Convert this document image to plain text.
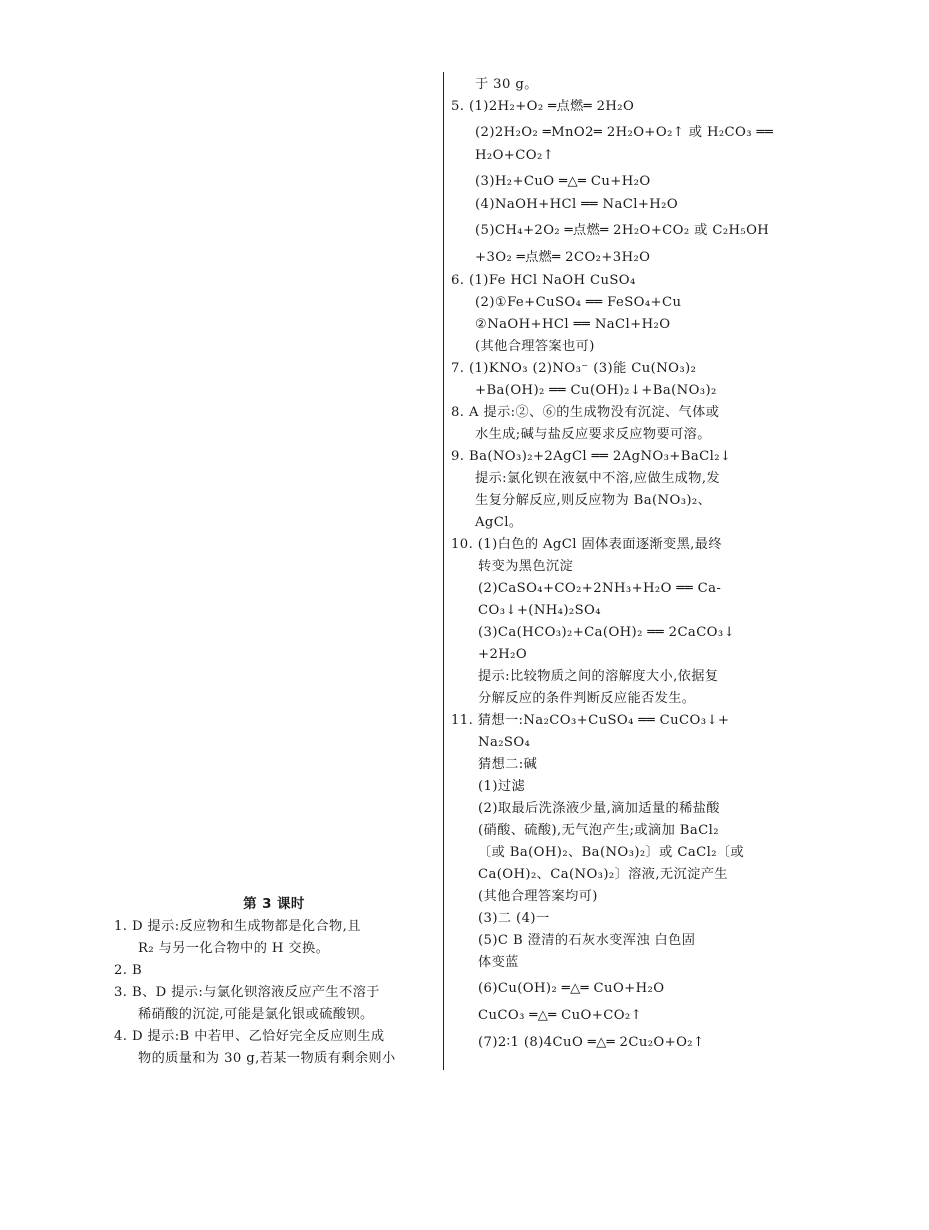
第 3 课时
1. D 提示:反应物和生成物都是化合物,且
R₂ 与另一化合物中的 H 交换。
2. B
3. B、D 提示:与氯化钡溶液反应产生不溶于
稀硝酸的沉淀,可能是氯化银或硫酸钡。
4. D 提示:B 中若甲、乙恰好完全反应则生成
物的质量和为 30 g,若某一物质有剩余则小
于 30 g。
5. (1)2H₂+O₂ ═点燃═ 2H₂O
(2)2H₂O₂ ═MnO2═ 2H₂O+O₂↑ 或 H₂CO₃ ══
H₂O+CO₂↑
(3)H₂+CuO ═△═ Cu+H₂O
(4)NaOH+HCl ══ NaCl+H₂O
(5)CH₄+2O₂ ═点燃═ 2H₂O+CO₂ 或 C₂H₅OH
+3O₂ ═点燃═ 2CO₂+3H₂O
6. (1)Fe HCl NaOH CuSO₄
(2)①Fe+CuSO₄ ══ FeSO₄+Cu
②NaOH+HCl ══ NaCl+H₂O
(其他合理答案也可)
7. (1)KNO₃ (2)NO₃⁻ (3)能 Cu(NO₃)₂
+Ba(OH)₂ ══ Cu(OH)₂↓+Ba(NO₃)₂
8. A 提示:②、⑥的生成物没有沉淀、气体或
水生成;碱与盐反应要求反应物要可溶。
9. Ba(NO₃)₂+2AgCl ══ 2AgNO₃+BaCl₂↓
提示:氯化钡在液氨中不溶,应做生成物,发
生复分解反应,则反应物为 Ba(NO₃)₂、
AgCl。
10. (1)白色的 AgCl 固体表面逐渐变黑,最终
转变为黑色沉淀
(2)CaSO₄+CO₂+2NH₃+H₂O ══ Ca-
CO₃↓+(NH₄)₂SO₄
(3)Ca(HCO₃)₂+Ca(OH)₂ ══ 2CaCO₃↓
+2H₂O
提示:比较物质之间的溶解度大小,依据复
分解反应的条件判断反应能否发生。
11. 猜想一:Na₂CO₃+CuSO₄ ══ CuCO₃↓+
Na₂SO₄
猜想二:碱
(1)过滤
(2)取最后洗涤液少量,滴加适量的稀盐酸
(硝酸、硫酸),无气泡产生;或滴加 BaCl₂
〔或 Ba(OH)₂、Ba(NO₃)₂〕或 CaCl₂〔或
Ca(OH)₂、Ca(NO₃)₂〕溶液,无沉淀产生
(其他合理答案均可)
(3)二 (4)一
(5)C B 澄清的石灰水变浑浊 白色固
体变蓝
(6)Cu(OH)₂ ═△═ CuO+H₂O
CuCO₃ ═△═ CuO+CO₂↑
(7)2∶1 (8)4CuO ═△═ 2Cu₂O+O₂↑
